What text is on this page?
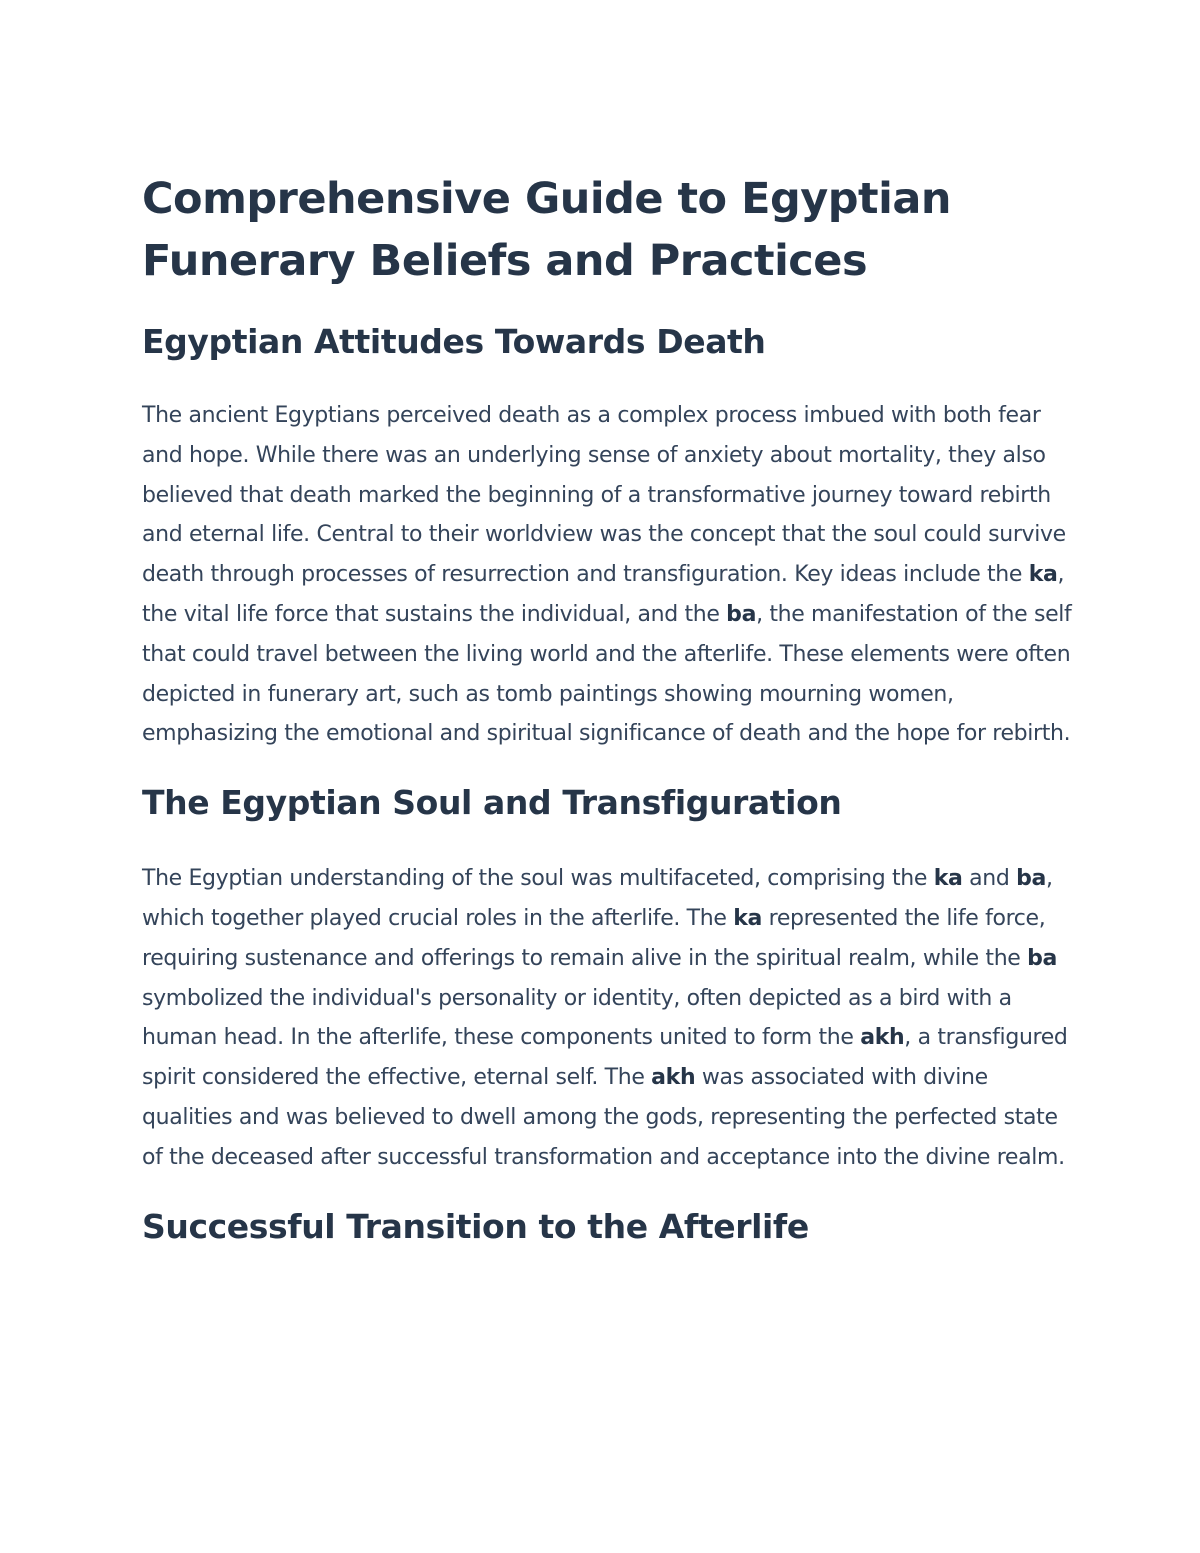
Comprehensive Guide to Egyptian Funerary Beliefs and Practices
Egyptian Attitudes Towards Death

The ancient Egyptians perceived death as a complex process imbued with both fear and hope. While there was an underlying sense of anxiety about mortality, they also believed that death marked the beginning of a transformative journey toward rebirth and eternal life. Central to their worldview was the concept that the soul could survive death through processes of resurrection and transfiguration. Key ideas include the ka, the vital life force that sustains the individual, and the ba, the manifestation of the self that could travel between the living world and the afterlife. These elements were often depicted in funerary art, such as tomb paintings showing mourning women, emphasizing the emotional and spiritual significance of death and the hope for rebirth.

The Egyptian Soul and Transfiguration

The Egyptian understanding of the soul was multifaceted, comprising the ka and ba, which together played crucial roles in the afterlife. The ka represented the life force, requiring sustenance and offerings to remain alive in the spiritual realm, while the ba symbolized the individual's personality or identity, often depicted as a bird with a human head. In the afterlife, these components united to form the akh, a transfigured spirit considered the effective, eternal self. The akh was associated with divine qualities and was believed to dwell among the gods, representing the perfected state of the deceased after successful transformation and acceptance into the divine realm.

Successful Transition to the Afterlife
